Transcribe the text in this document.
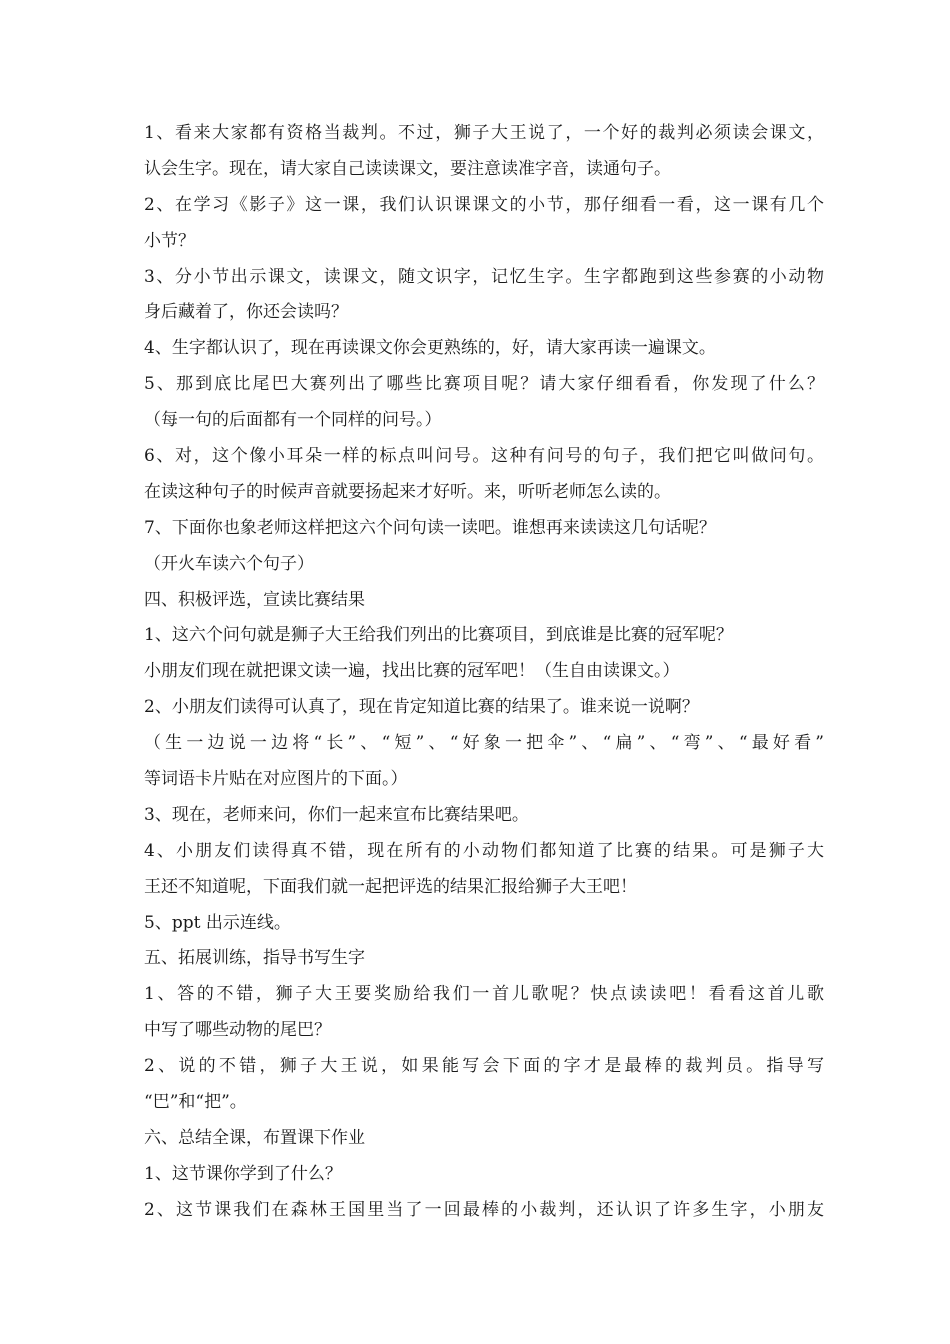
1、看来大家都有资格当裁判。不过，狮子大王说了，一个好的裁判必须读会课文，
认会生字。现在，请大家自己读读课文，要注意读准字音，读通句子。
2、在学习《影子》这一课，我们认识课课文的小节，那仔细看一看，这一课有几个
小节？
3、分小节出示课文，读课文，随文识字，记忆生字。生字都跑到这些参赛的小动物
身后藏着了，你还会读吗？
4、生字都认识了，现在再读课文你会更熟练的，好，请大家再读一遍课文。
5、那到底比尾巴大赛列出了哪些比赛项目呢？请大家仔细看看，你发现了什么？
（每一句的后面都有一个同样的问号。）
6、对，这个像小耳朵一样的标点叫问号。这种有问号的句子，我们把它叫做问句。
在读这种句子的时候声音就要扬起来才好听。来，听听老师怎么读的。
7、下面你也象老师这样把这六个问句读一读吧。谁想再来读读这几句话呢？
（开火车读六个句子）
四、积极评选，宣读比赛结果
1、这六个问句就是狮子大王给我们列出的比赛项目，到底谁是比赛的冠军呢？
小朋友们现在就把课文读一遍，找出比赛的冠军吧！（生自由读课文。）
2、小朋友们读得可认真了，现在肯定知道比赛的结果了。谁来说一说啊？
（生一边说一边将“长”、“短”、“好象一把伞”、“扁”、“弯”、“最好看”
等词语卡片贴在对应图片的下面。）
3、现在，老师来问，你们一起来宣布比赛结果吧。
4、小朋友们读得真不错，现在所有的小动物们都知道了比赛的结果。可是狮子大
王还不知道呢，下面我们就一起把评选的结果汇报给狮子大王吧！
5、ppt 出示连线。
五、拓展训练，指导书写生字
1、答的不错，狮子大王要奖励给我们一首儿歌呢？快点读读吧！看看这首儿歌
中写了哪些动物的尾巴？
2、说的不错，狮子大王说，如果能写会下面的字才是最棒的裁判员。指导写
“巴”和“把”。
六、总结全课，布置课下作业
1、这节课你学到了什么？
2、这节课我们在森林王国里当了一回最棒的小裁判，还认识了许多生字，小朋友
